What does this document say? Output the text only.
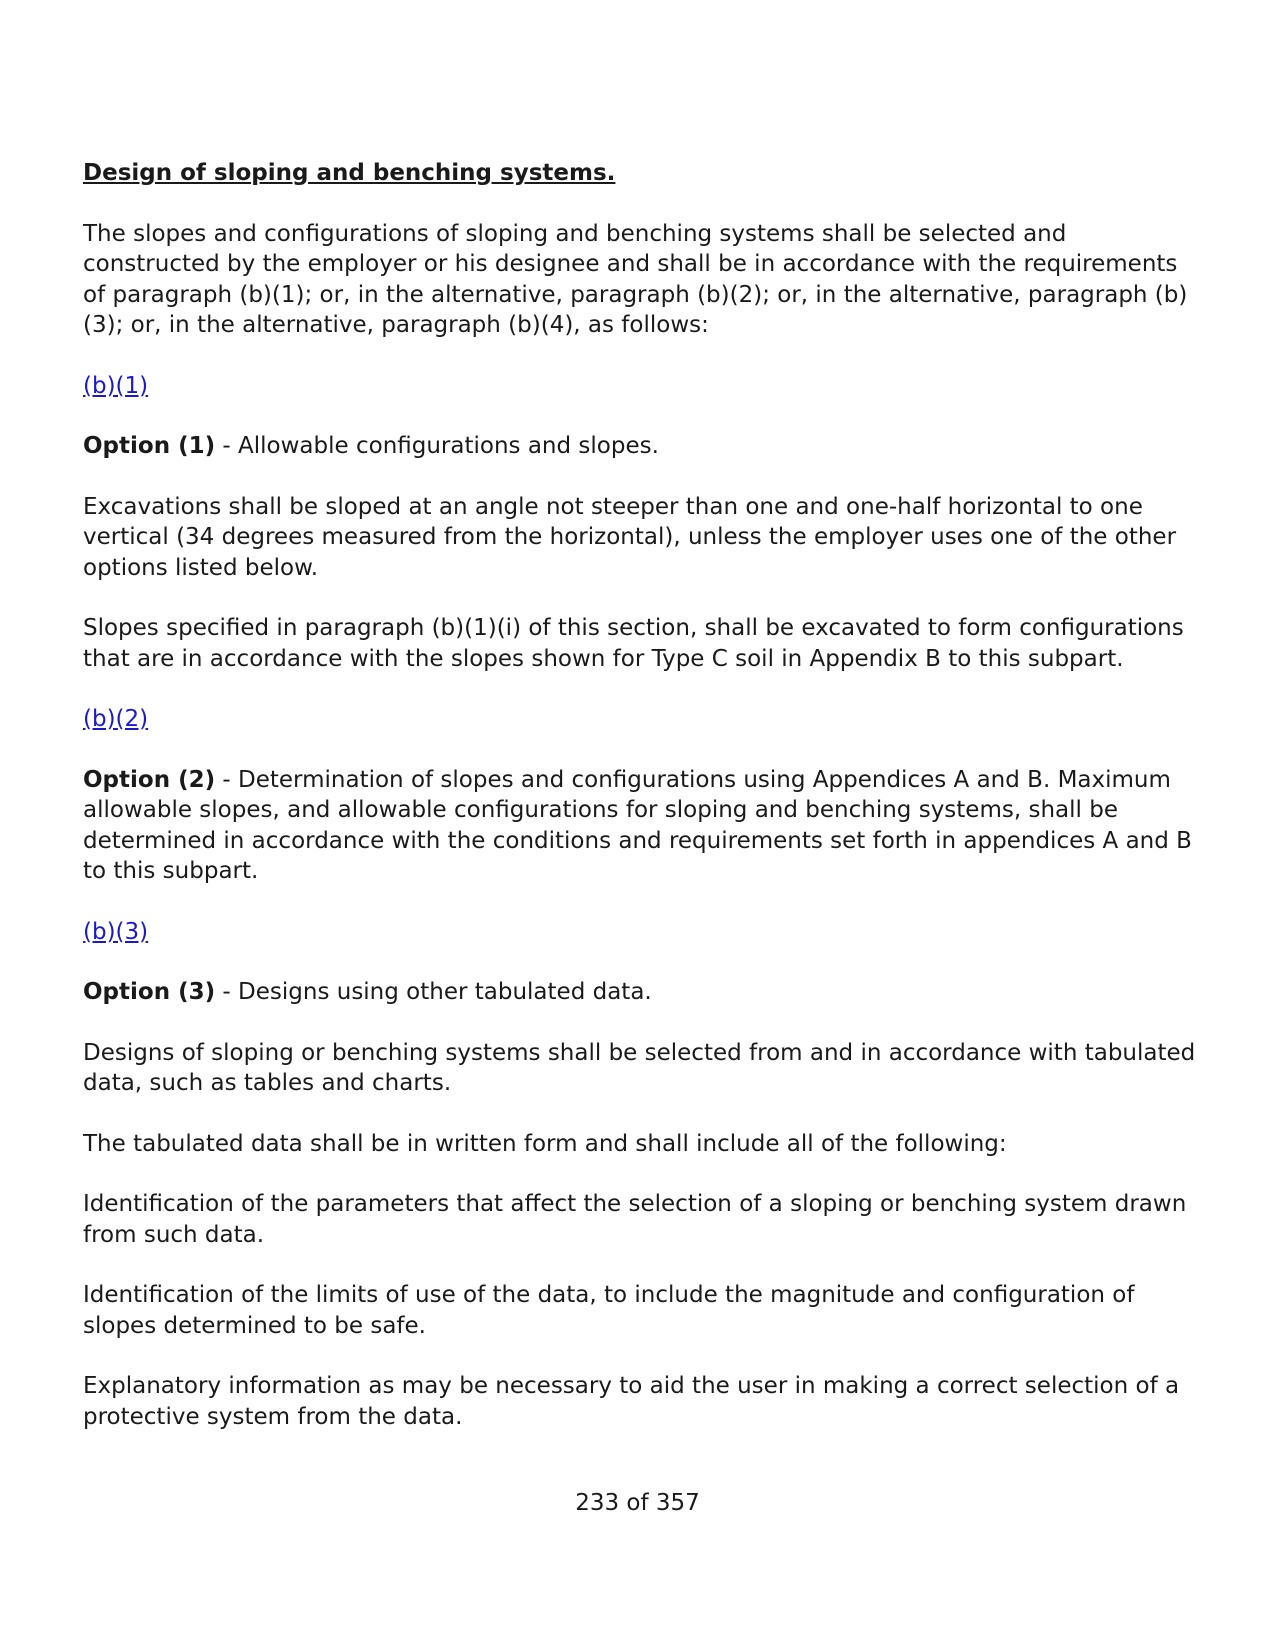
Design of sloping and benching systems.
The slopes and configurations of sloping and benching systems shall be selected and constructed by the employer or his designee and shall be in accordance with the requirements of paragraph (b)(1); or, in the alternative, paragraph (b)(2); or, in the alternative, paragraph (b)(3); or, in the alternative, paragraph (b)(4), as follows:
(b)(1)
Option (1) - Allowable configurations and slopes.
Excavations shall be sloped at an angle not steeper than one and one-half horizontal to one vertical (34 degrees measured from the horizontal), unless the employer uses one of the other options listed below.
Slopes specified in paragraph (b)(1)(i) of this section, shall be excavated to form configurations that are in accordance with the slopes shown for Type C soil in Appendix B to this subpart.
(b)(2)
Option (2) - Determination of slopes and configurations using Appendices A and B. Maximum allowable slopes, and allowable configurations for sloping and benching systems, shall be determined in accordance with the conditions and requirements set forth in appendices A and B to this subpart.
(b)(3)
Option (3) - Designs using other tabulated data.
Designs of sloping or benching systems shall be selected from and in accordance with tabulated data, such as tables and charts.
The tabulated data shall be in written form and shall include all of the following:
Identification of the parameters that affect the selection of a sloping or benching system drawn from such data.
Identification of the limits of use of the data, to include the magnitude and configuration of slopes determined to be safe.
Explanatory information as may be necessary to aid the user in making a correct selection of a protective system from the data.
233 of 357
